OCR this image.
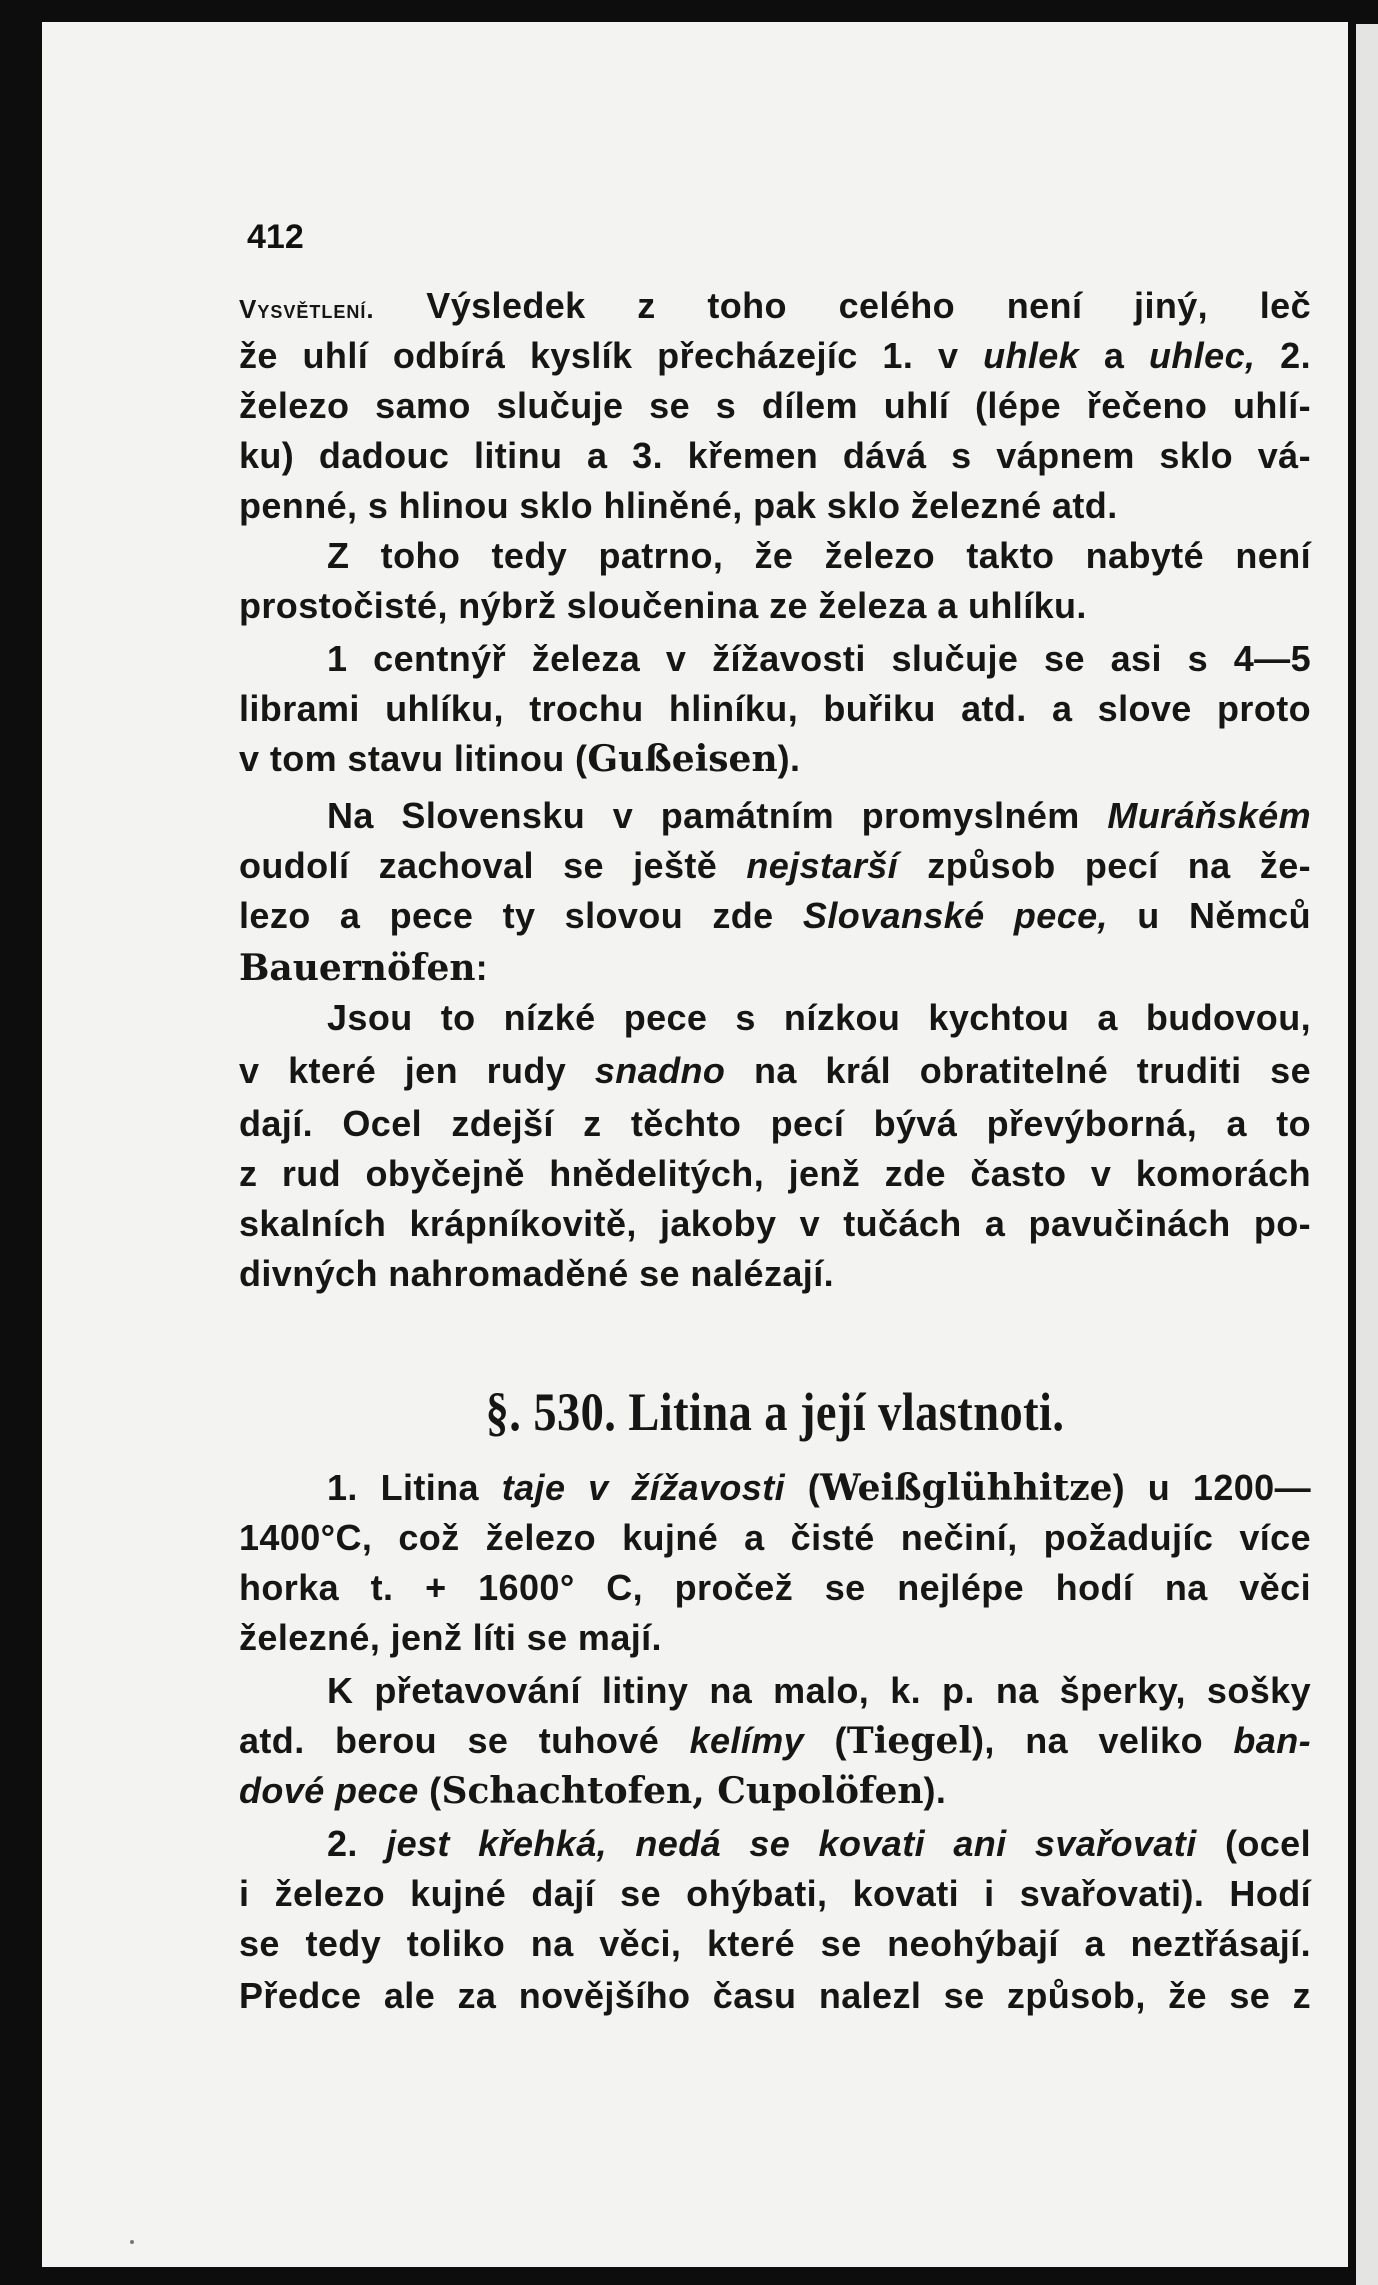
412
§. 530. Litina a její vlastnoti.
Vysvětlení. Výsledek z toho celého není jiný, leč
že uhlí odbírá kyslík přecházejíc 1. v uhlek a uhlec, 2.
železo samo slučuje se s dílem uhlí (lépe řečeno uhlí-
ku) dadouc litinu a 3. křemen dává s vápnem sklo vá-
penné, s hlinou sklo hliněné, pak sklo železné atd.
Z toho tedy patrno, že železo takto nabyté není
prostočisté, nýbrž sloučenina ze železa a uhlíku.
1 centnýř železa v žížavosti slučuje se asi s 4—5
librami uhlíku, trochu hliníku, buřiku atd. a slove proto
v tom stavu litinou (Gußeisen).
Na Slovensku v památním promyslném Muráňském
oudolí zachoval se ještě nejstarší způsob pecí na že-
lezo a pece ty slovou zde Slovanské pece, u Němců
Bauernöfen:
Jsou to nízké pece s nízkou kychtou a budovou,
v které jen rudy snadno na král obratitelné truditi se
dají. Ocel zdejší z těchto pecí bývá převýborná, a to
z rud obyčejně hnědelitých, jenž zde často v komorách
skalních krápníkovitě, jakoby v tučách a pavučinách po-
divných nahromaděné se nalézají.
1. Litina taje v žížavosti (Weißglühhitze) u 1200—
1400°C, což železo kujné a čisté nečiní, požadujíc více
horka t. + 1600° C, pročež se nejlépe hodí na věci
železné, jenž líti se mají.
K přetavování litiny na malo, k. p. na šperky, sošky
atd. berou se tuhové kelímy (Tiegel), na veliko ban-
dové pece (Schachtofen, Cupolöfen).
2. jest křehká, nedá se kovati ani svařovati (ocel
i železo kujné dají se ohýbati, kovati i svařovati). Hodí
se tedy toliko na věci, které se neohýbají a neztřásají.
Předce ale za novějšího času nalezl se způsob, že se z
